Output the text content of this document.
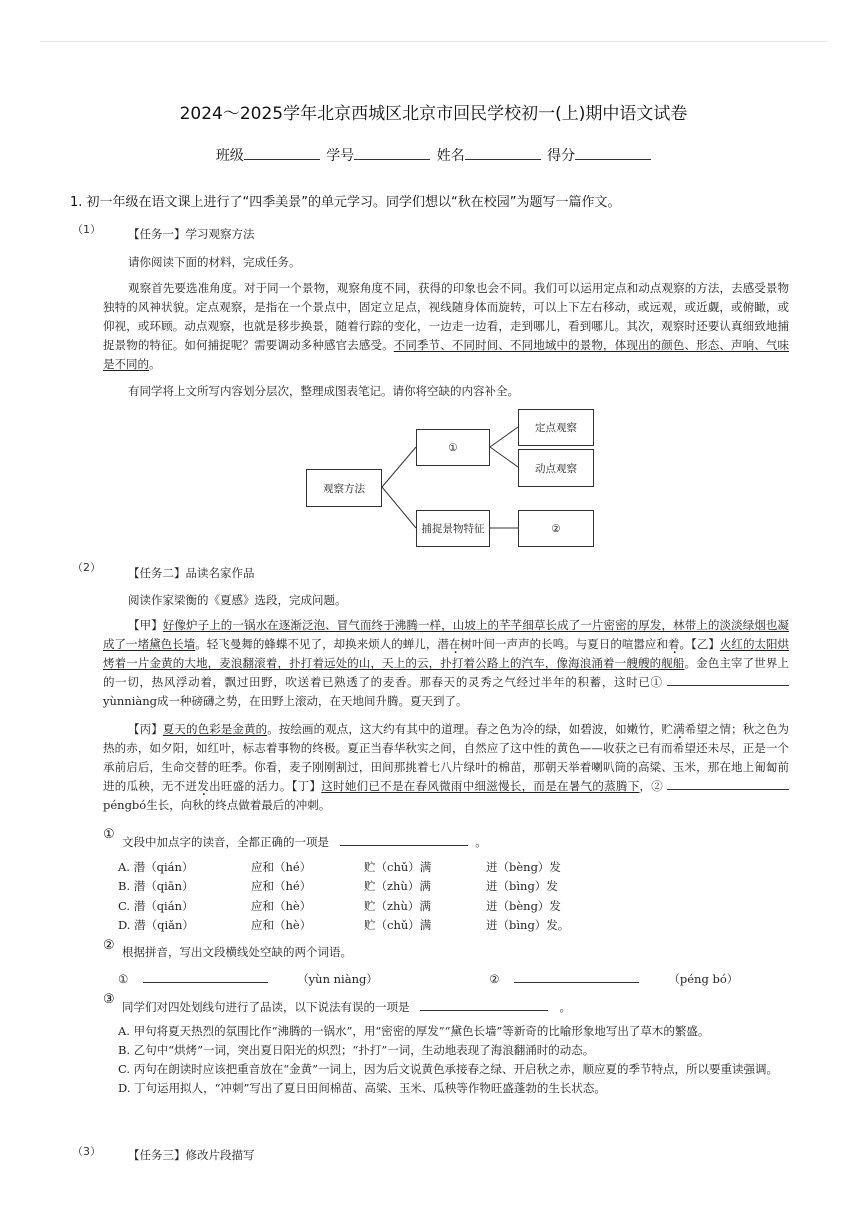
2024～2025学年北京西城区北京市回民学校初一(上)期中语文试卷
班级	学号	姓名	得分
1. 初一年级在语文课上进行了“四季美景”的单元学习。同学们想以“秋在校园”为题写一篇作文。
（1） 【任务一】学习观察方法
请你阅读下面的材料，完成任务。
观察首先要选准角度。对于同一个景物，观察角度不同，获得的印象也会不同。我们可以运用定点和动点观察的方法，去感受景物独特的风神状貌。定点观察，是指在一个景点中，固定立足点，视线随身体而旋转，可以上下左右移动，或远观，或近觑，或俯瞰，或仰视，或环顾。动点观察，也就是移步换景，随着行踪的变化，一边走一边看，走到哪儿，看到哪儿。其次，观察时还要认真细致地捕捉景物的特征。如何捕捉呢？需要调动多种感官去感受。不同季节、不同时间、不同地域中的景物，体现出的颜色、形态、声响、气味是不同的。
有同学将上文所写内容划分层次，整理成图表笔记。请你将空缺的内容补全。
观察方法
①
定点观察
动点观察
捕捉景物特征	②
（2） 【任务二】品读名家作品
阅读作家梁衡的《夏感》选段，完成问题。
【甲】好像炉子上的一锅水在逐渐泛泡、冒气而终于沸腾一样，山坡上的芊芊细草长成了一片密密的厚发，林带上的淡淡绿烟也凝成了一堵黛色长墙。轻飞曼舞的蜂蝶不见了，却换来烦人的蝉儿，潜在树叶间一声声的长鸣。与夏日的喧嚣应和着。【乙】火红的太阳烘烤着一片金黄的大地，麦浪翻滚着，扑打着远处的山，天上的云，扑打着公路上的汽车，像海浪涌着一艘艘的舰船。金色主宰了世界上的一切，热风浮动着，飘过田野，吹送着已熟透了的麦香。那春天的灵秀之气经过半年的积蓄，这时已①  yùnniàng成一种磅礴之势，在田野上滚动，在天地间升腾。夏天到了。
【丙】夏天的色彩是金黄的。按绘画的观点，这大约有其中的道理。春之色为冷的绿，如碧波，如嫩竹，贮满希望之情；秋之色为热的赤，如夕阳，如红叶，标志着事物的终极。夏正当春华秋实之间，自然应了这中性的黄色——收获之已有而希望还未尽，正是一个承前启后，生命交替的旺季。你看，麦子刚刚割过，田间那挑着七八片绿叶的棉苗，那朝天举着喇叭筒的高粱、玉米，那在地上匍匐前进的瓜秧，无不迸发出旺盛的活力。【丁】这时她们已不是在春风微雨中细滋慢长，而是在暑气的蒸腾下，②  péngbó生长，向秋的终点做着最后的冲刺。
① 文段中加点字的读音，全都正确的一项是	。
A. 潜（qián）	应和（hé）	贮（chǔ）满	迸（bèng）发
B. 潜（qiān）	应和（hé）	贮（zhù）满	迸（bìng）发
C. 潜（qián）	应和（hè）	贮（zhù）满	迸（bèng）发
D. 潜（qiǎn）	应和（hè）	贮（chǔ）满	迸（bìng）发。
② 根据拼音，写出文段横线处空缺的两个词语。
①	（yùn niàng）	②	（péng bó）
③ 同学们对四处划线句进行了品读，以下说法有误的一项是	。
A. 甲句将夏天热烈的氛围比作“沸腾的一锅水”，用“密密的厚发”“黛色长墙”等新奇的比喻形象地写出了草木的繁盛。
B. 乙句中“烘烤”一词，突出夏日阳光的炽烈；“扑打”一词，生动地表现了海浪翻涌时的动态。
C. 丙句在朗读时应该把重音放在“金黄”一词上，因为后文说黄色承接春之绿、开启秋之赤，顺应夏的季节特点，所以要重读强调。
D. 丁句运用拟人，“冲刺”写出了夏日田间棉苗、高粱、玉米、瓜秧等作物旺盛蓬勃的生长状态。
（3） 【任务三】修改片段描写
